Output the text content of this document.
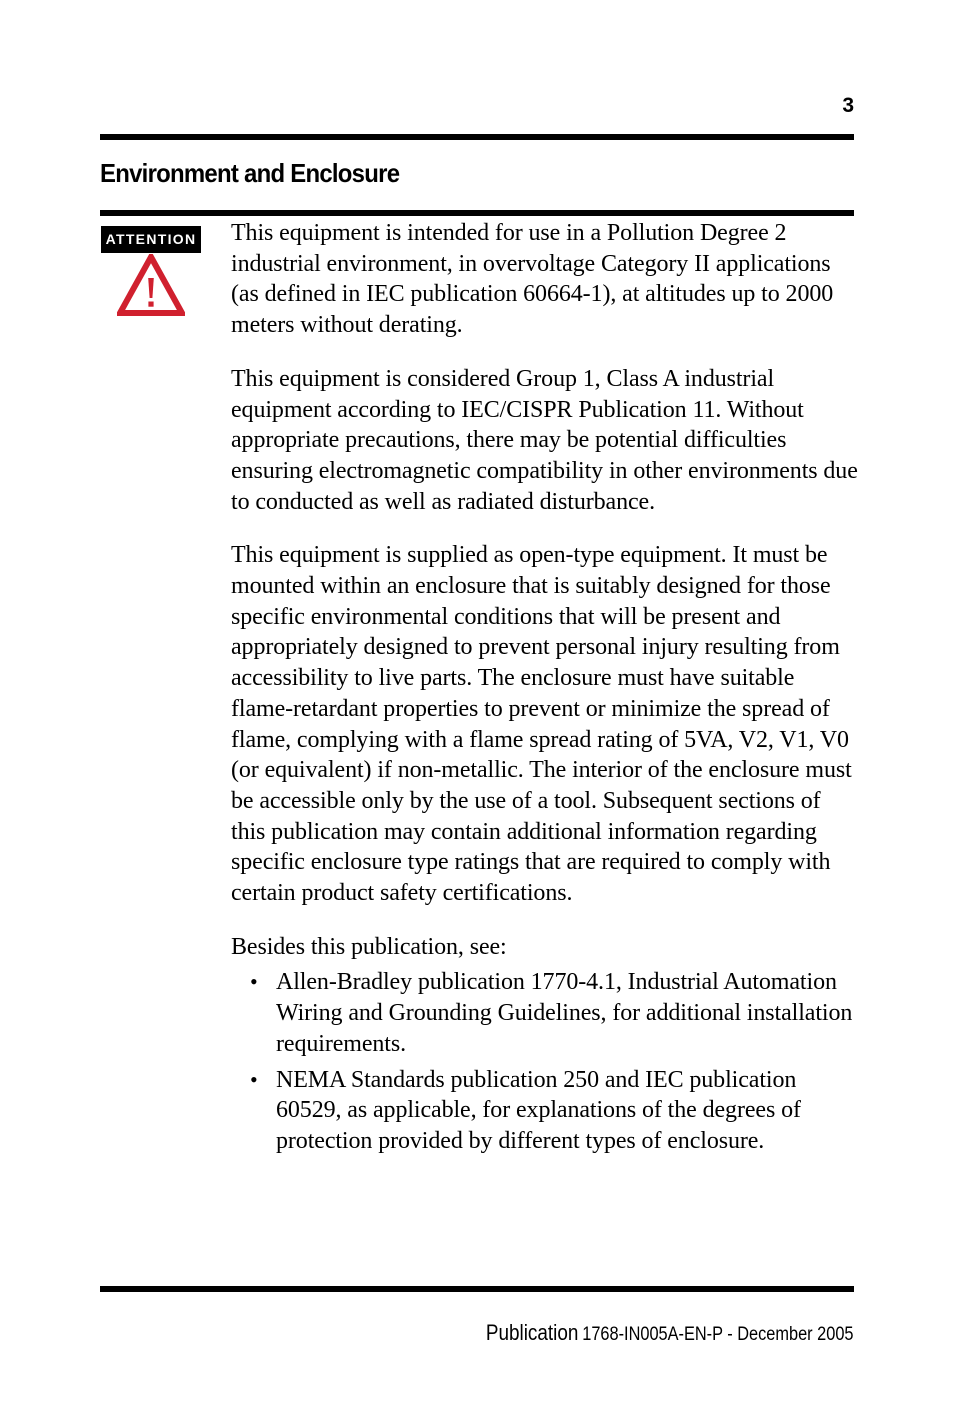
3
Environment and Enclosure
ATTENTION This equipment is intended for use in a Pollution Degree 2 industrial environment, in overvoltage Category II applications (as defined in IEC publication 60664-1), at altitudes up to 2000 meters without derating.

This equipment is considered Group 1, Class A industrial equipment according to IEC/CISPR Publication 11. Without appropriate precautions, there may be potential difficulties ensuring electromagnetic compatibility in other environments due to conducted as well as radiated disturbance.

This equipment is supplied as open-type equipment. It must be mounted within an enclosure that is suitably designed for those specific environmental conditions that will be present and appropriately designed to prevent personal injury resulting from accessibility to live parts. The enclosure must have suitable flame-retardant properties to prevent or minimize the spread of flame, complying with a flame spread rating of 5VA, V2, V1, V0 (or equivalent) if non-metallic. The interior of the enclosure must be accessible only by the use of a tool. Subsequent sections of this publication may contain additional information regarding specific enclosure type ratings that are required to comply with certain product safety certifications.

Besides this publication, see:

• Allen-Bradley publication 1770-4.1, Industrial Automation Wiring and Grounding Guidelines, for additional installation requirements.
• NEMA Standards publication 250 and IEC publication 60529, as applicable, for explanations of the degrees of protection provided by different types of enclosure.
Publication 1768-IN005A-EN-P - December 2005
